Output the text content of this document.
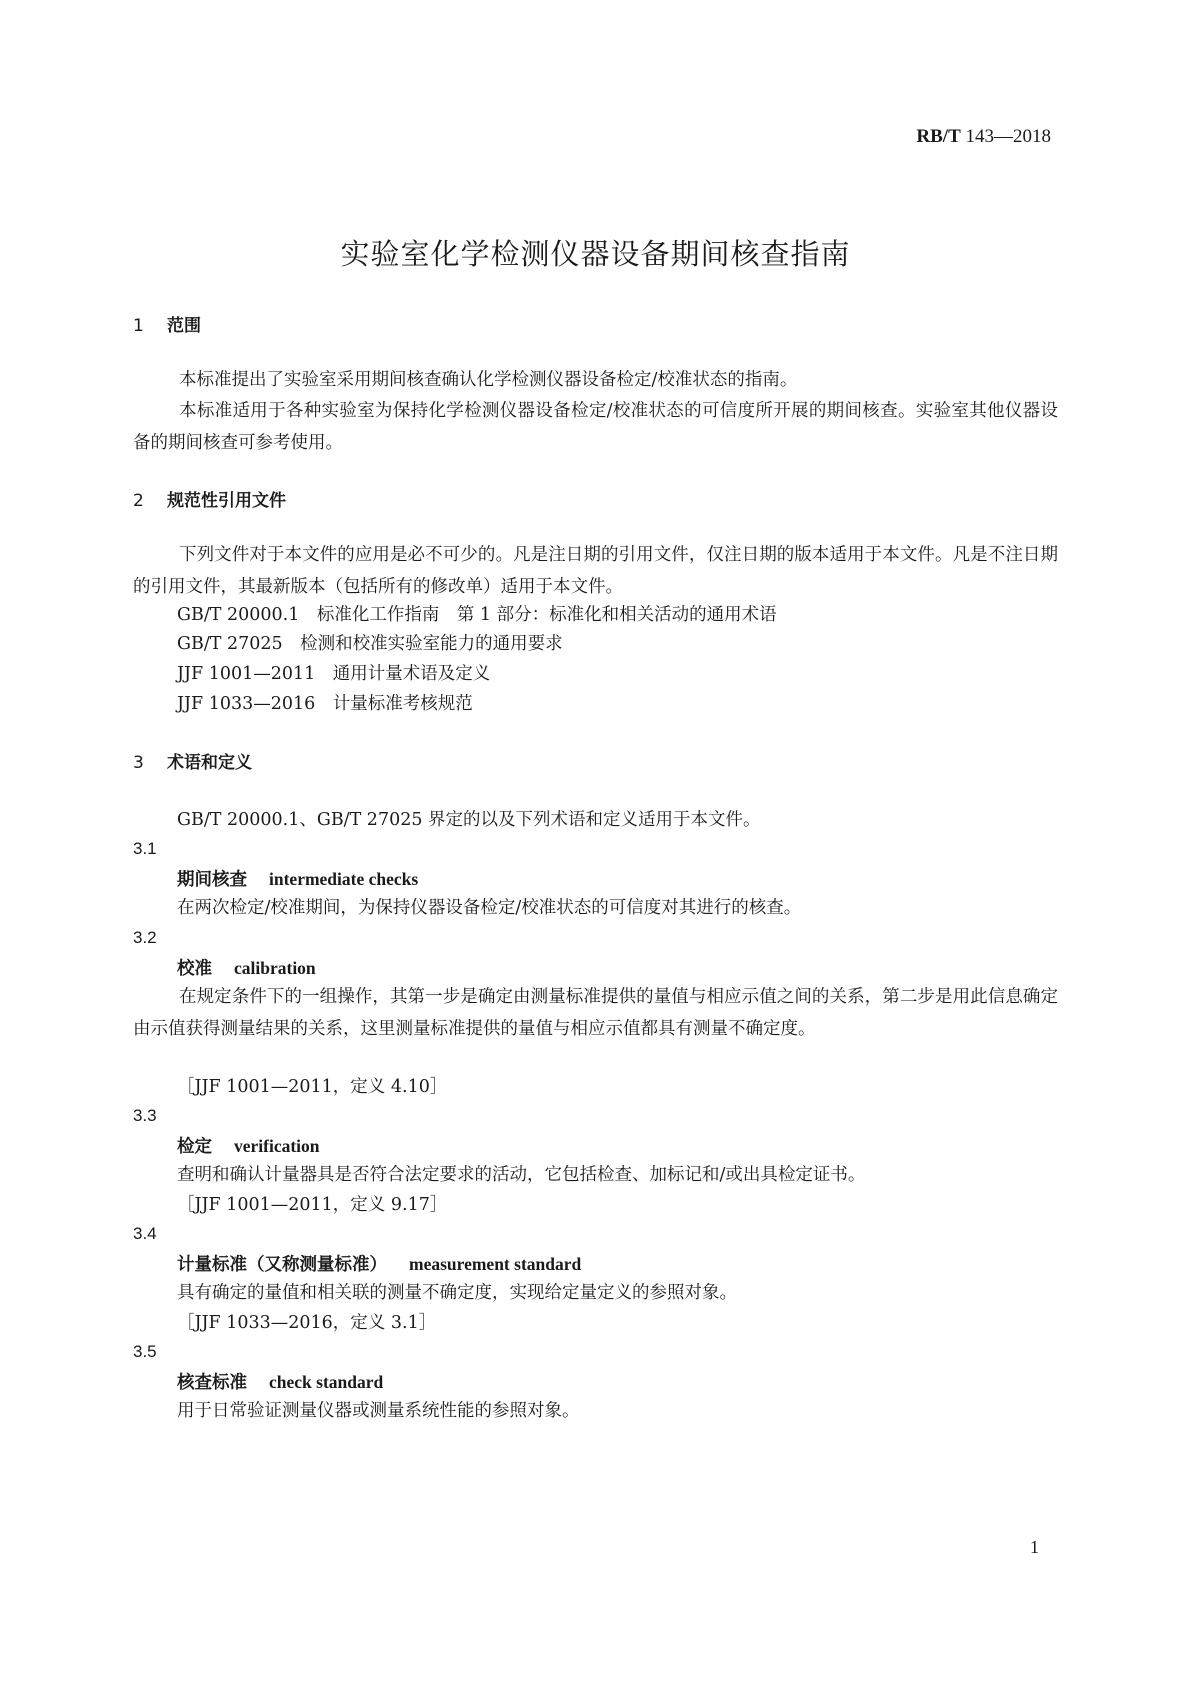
RB/T 143—2018
实验室化学检测仪器设备期间核查指南
1 范围
本标准提出了实验室采用期间核查确认化学检测仪器设备检定/校准状态的指南。
本标准适用于各种实验室为保持化学检测仪器设备检定/校准状态的可信度所开展的期间核查。实验室其他仪器设备的期间核查可参考使用。
2 规范性引用文件
下列文件对于本文件的应用是必不可少的。凡是注日期的引用文件，仅注日期的版本适用于本文件。凡是不注日期的引用文件，其最新版本（包括所有的修改单）适用于本文件。
GB/T 20000.1　标准化工作指南　第 1 部分：标准化和相关活动的通用术语
GB/T 27025　检测和校准实验室能力的通用要求
JJF 1001—2011　通用计量术语及定义
JJF 1033—2016　计量标准考核规范
3 术语和定义
GB/T 20000.1、GB/T 27025 界定的以及下列术语和定义适用于本文件。
3.1
期间核查 intermediate checks
在两次检定/校准期间，为保持仪器设备检定/校准状态的可信度对其进行的核查。
3.2
校准 calibration
在规定条件下的一组操作，其第一步是确定由测量标准提供的量值与相应示值之间的关系，第二步是用此信息确定由示值获得测量结果的关系，这里测量标准提供的量值与相应示值都具有测量不确定度。
［JJF 1001—2011，定义 4.10］
3.3
检定 verification
查明和确认计量器具是否符合法定要求的活动，它包括检查、加标记和/或出具检定证书。
［JJF 1001—2011，定义 9.17］
3.4
计量标准（又称测量标准） measurement standard
具有确定的量值和相关联的测量不确定度，实现给定量定义的参照对象。
［JJF 1033—2016，定义 3.1］
3.5
核查标准 check standard
用于日常验证测量仪器或测量系统性能的参照对象。
1
